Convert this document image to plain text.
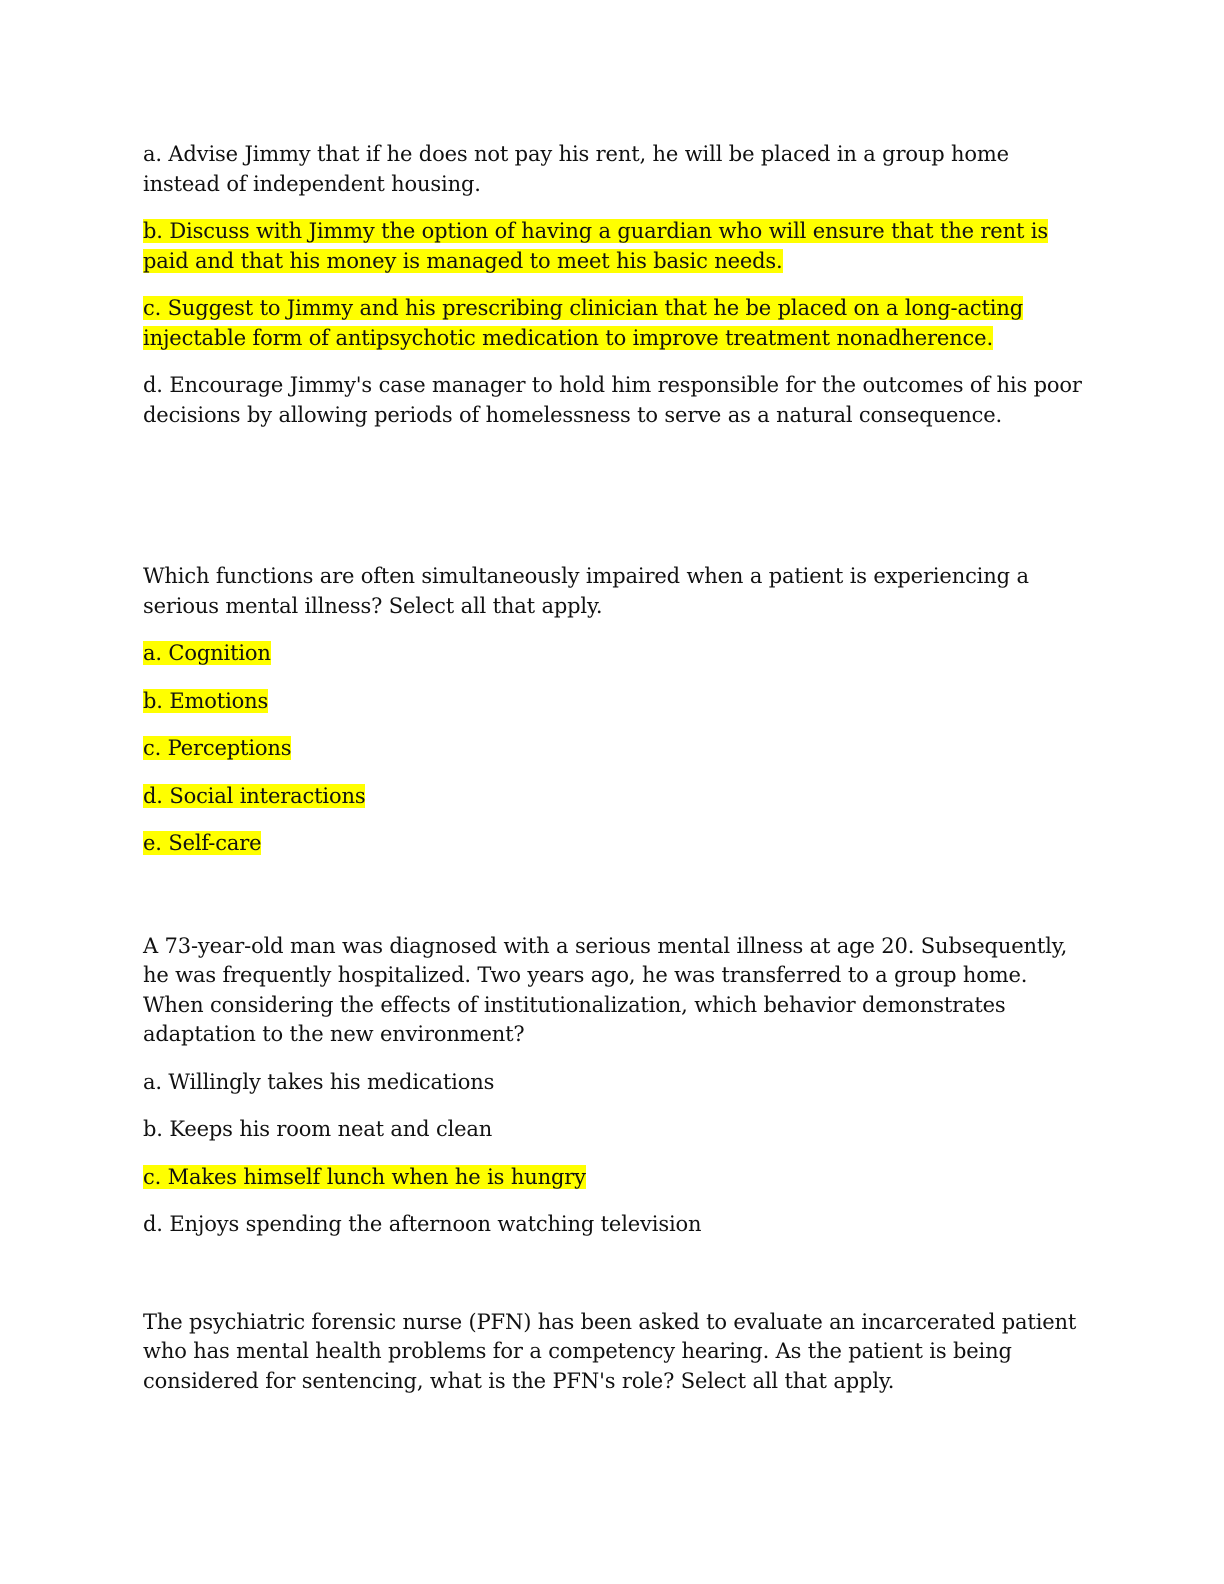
a. Advise Jimmy that if he does not pay his rent, he will be placed in a group home instead of independent housing.

b. Discuss with Jimmy the option of having a guardian who will ensure that the rent is paid and that his money is managed to meet his basic needs.

c. Suggest to Jimmy and his prescribing clinician that he be placed on a long-acting injectable form of antipsychotic medication to improve treatment nonadherence.

d. Encourage Jimmy's case manager to hold him responsible for the outcomes of his poor decisions by allowing periods of homelessness to serve as a natural consequence.

Which functions are often simultaneously impaired when a patient is experiencing a serious mental illness? Select all that apply.

a. Cognition

b. Emotions

c. Perceptions

d. Social interactions

e. Self-care

A 73-year-old man was diagnosed with a serious mental illness at age 20. Subsequently, he was frequently hospitalized. Two years ago, he was transferred to a group home. When considering the effects of institutionalization, which behavior demonstrates adaptation to the new environment?

a. Willingly takes his medications

b. Keeps his room neat and clean

c. Makes himself lunch when he is hungry

d. Enjoys spending the afternoon watching television

The psychiatric forensic nurse (PFN) has been asked to evaluate an incarcerated patient who has mental health problems for a competency hearing. As the patient is being considered for sentencing, what is the PFN's role? Select all that apply.
